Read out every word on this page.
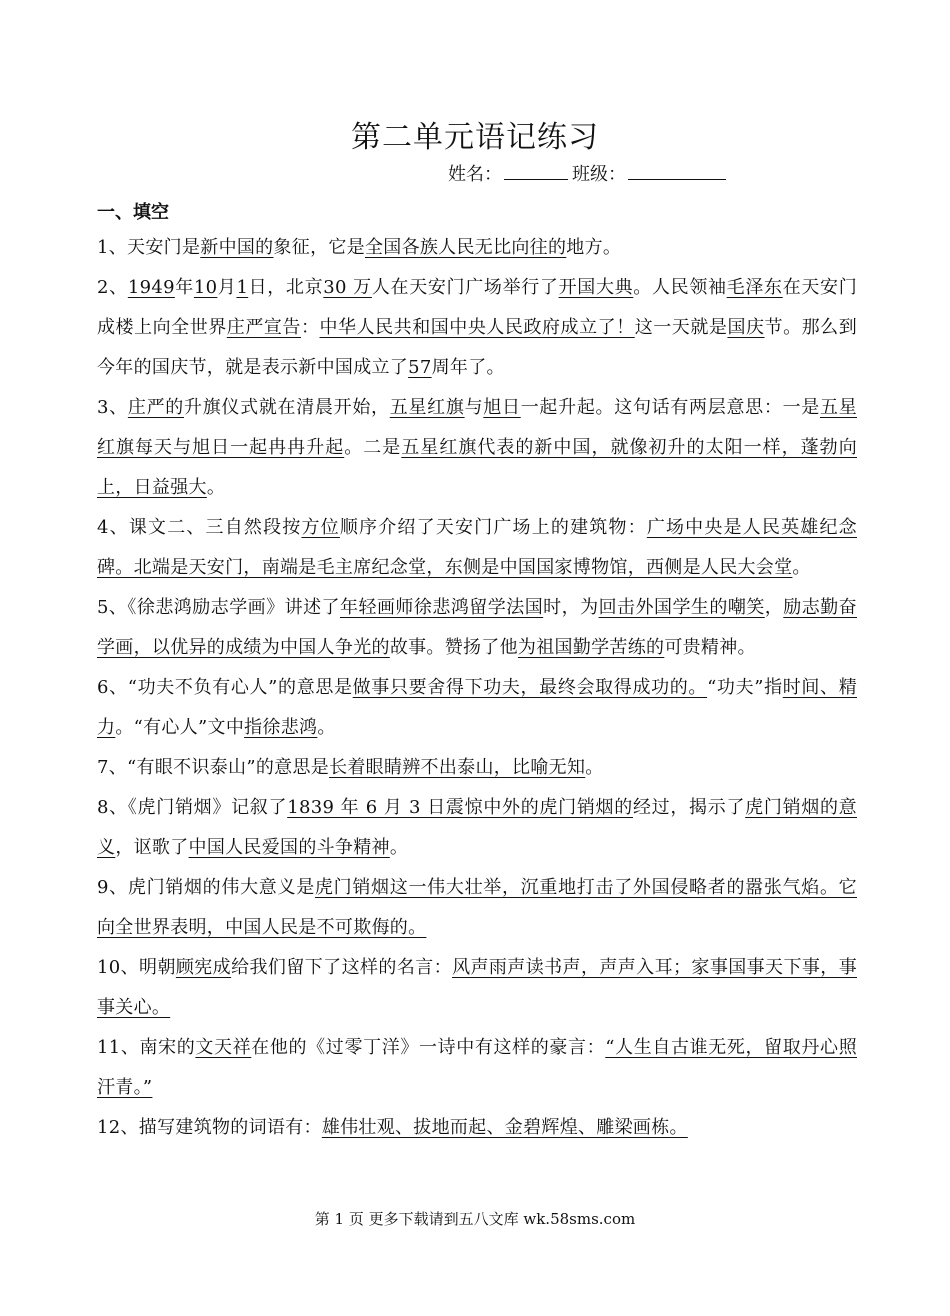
第二单元语记练习
姓名：	班级：
一、填空

1、天安门是新中国的象征，它是全国各族人民无比向往的地方。

2、1949年10月1日，北京30 万人在天安门广场举行了开国大典。人民领袖毛泽东在天安门成楼上向全世界庄严宣告：中华人民共和国中央人民政府成立了！这一天就是国庆节。那么到今年的国庆节，就是表示新中国成立了57周年了。

3、庄严的升旗仪式就在清晨开始，五星红旗与旭日一起升起。这句话有两层意思：一是五星红旗每天与旭日一起冉冉升起。二是五星红旗代表的新中国，就像初升的太阳一样，蓬勃向上，日益强大。

4、课文二、三自然段按方位顺序介绍了天安门广场上的建筑物：广场中央是人民英雄纪念碑。北端是天安门，南端是毛主席纪念堂，东侧是中国国家博物馆，西侧是人民大会堂。

5、《徐悲鸿励志学画》讲述了年轻画师徐悲鸿留学法国时，为回击外国学生的嘲笑，励志勤奋学画，以优异的成绩为中国人争光的故事。赞扬了他为祖国勤学苦练的可贵精神。

6、“功夫不负有心人”的意思是做事只要舍得下功夫，最终会取得成功的。“功夫”指时间、精力。“有心人”文中指徐悲鸿。

7、“有眼不识泰山”的意思是长着眼睛辨不出泰山，比喻无知。

8、《虎门销烟》记叙了1839 年 6 月 3 日震惊中外的虎门销烟的经过，揭示了虎门销烟的意义，讴歌了中国人民爱国的斗争精神。

9、虎门销烟的伟大意义是虎门销烟这一伟大壮举，沉重地打击了外国侵略者的嚣张气焰。它向全世界表明，中国人民是不可欺侮的。

10、明朝顾宪成给我们留下了这样的名言：风声雨声读书声，声声入耳；家事国事天下事，事事关心。

11、南宋的文天祥在他的《过零丁洋》一诗中有这样的豪言：“人生自古谁无死，留取丹心照汗青。”

12、描写建筑物的词语有：雄伟壮观、拔地而起、金碧辉煌、雕梁画栋。

第 1 页 更多下载请到五八文库 wk.58sms.com
